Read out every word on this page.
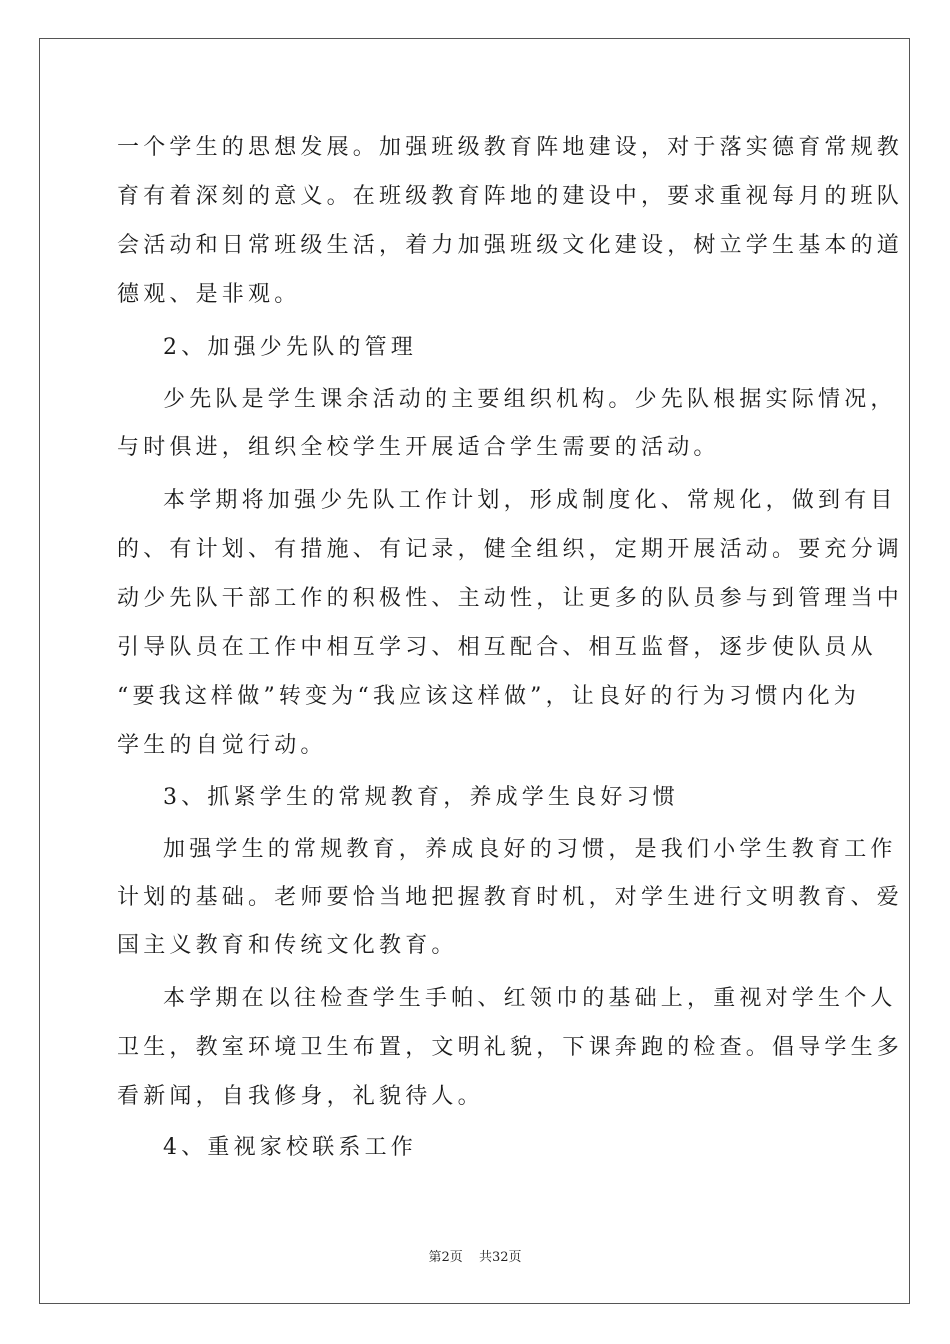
一个学生的思想发展。加强班级教育阵地建设，对于落实德育常规教
育有着深刻的意义。在班级教育阵地的建设中，要求重视每月的班队
会活动和日常班级生活，着力加强班级文化建设，树立学生基本的道
德观、是非观。
2、加强少先队的管理
少先队是学生课余活动的主要组织机构。少先队根据实际情况，
与时俱进，组织全校学生开展适合学生需要的活动。
本学期将加强少先队工作计划，形成制度化、常规化，做到有目
的、有计划、有措施、有记录，健全组织，定期开展活动。要充分调
动少先队干部工作的积极性、主动性，让更多的队员参与到管理当中
引导队员在工作中相互学习、相互配合、相互监督，逐步使队员从
“要我这样做”转变为“我应该这样做”，让良好的行为习惯内化为
学生的自觉行动。
3、抓紧学生的常规教育，养成学生良好习惯
加强学生的常规教育，养成良好的习惯，是我们小学生教育工作
计划的基础。老师要恰当地把握教育时机，对学生进行文明教育、爱
国主义教育和传统文化教育。
本学期在以往检查学生手帕、红领巾的基础上，重视对学生个人
卫生，教室环境卫生布置，文明礼貌，下课奔跑的检查。倡导学生多
看新闻，自我修身，礼貌待人。
4、重视家校联系工作
第2页 共32页
